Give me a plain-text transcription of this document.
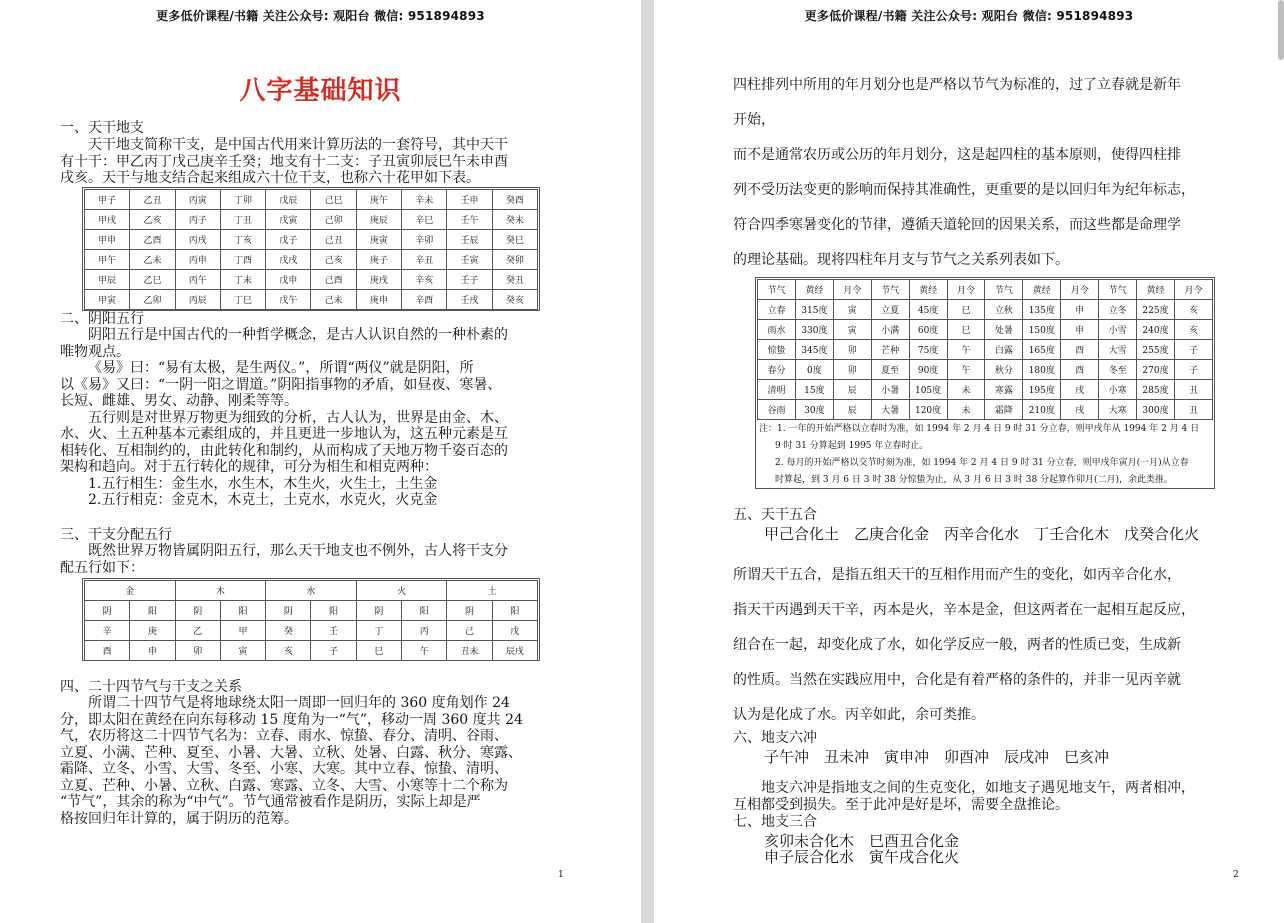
更多低价课程/书籍 关注公众号: 观阳台 微信: 951894893
八字基础知识
一、天干地支
天干地支简称干支，是中国古代用来计算历法的一套符号，其中天干
有十干：甲乙丙丁戊己庚辛壬癸；地支有十二支：子丑寅卯辰巳午未申酉
戌亥。天干与地支结合起来组成六十位干支，也称六十花甲如下表。
甲子	乙丑	丙寅	丁卯	戊辰	己巳	庚午	辛未	壬申	癸酉
甲戌	乙亥	丙子	丁丑	戊寅	己卯	庚辰	辛巳	壬午	癸未
甲申	乙酉	丙戌	丁亥	戊子	己丑	庚寅	辛卯	壬辰	癸巳
甲午	乙未	丙申	丁酉	戊戌	己亥	庚子	辛丑	壬寅	癸卯
甲辰	乙巳	丙午	丁未	戊申	己酉	庚戌	辛亥	壬子	癸丑
甲寅	乙卯	丙辰	丁巳	戊午	己未	庚申	辛酉	壬戌	癸亥
二、阴阳五行
阴阳五行是中国古代的一种哲学概念，是古人认识自然的一种朴素的
唯物观点。
《易》曰：“易有太极，是生两仪。”，所谓“两仪”就是阴阳，所
以《易》又曰：“一阴一阳之谓道。”阴阳指事物的矛盾，如昼夜、寒暑、
长短、雌雄、男女、动静、刚柔等等。
五行则是对世界万物更为细致的分析，古人认为，世界是由金、木、
水、火、土五种基本元素组成的，并且更进一步地认为，这五种元素是互
相转化、互相制约的，由此转化和制约，从而构成了天地万物千姿百态的
架构和趋向。对于五行转化的规律，可分为相生和相克两种：
1.五行相生：金生水，水生木，木生火，火生土，土生金
2.五行相克：金克木，木克土，土克水，水克火，火克金
三、干支分配五行
既然世界万物皆属阴阳五行，那么天干地支也不例外，古人将干支分
配五行如下：
金		木		水		火		土	
阴	阳	阴	阳	阴	阳	阴	阳	阴	阳
辛	庚	乙	甲	癸	壬	丁	丙	己	戊
酉	申	卯	寅	亥	子	巳	午	丑未	辰戌
四、二十四节气与干支之关系
所谓二十四节气是将地球绕太阳一周即一回归年的 360 度角划作 24
分，即太阳在黄经在向东每移动 15 度角为一“气”，移动一周 360 度共 24
气，农历将这二十四节气名为：立春、雨水、惊蛰、春分、清明、谷雨、
立夏、小满、芒种、夏至、小暑、大暑、立秋、处暑、白露、秋分、寒露、
霜降、立冬、小雪、大雪、冬至、小寒、大寒。其中立春、惊蛰、清明、
立夏、芒种、小暑、立秋、白露、寒露、立冬、大雪、小寒等十二个称为
“节气”，其余的称为“中气”。节气通常被看作是阴历，实际上却是严
格按回归年计算的，属于阴历的范筹。
1
更多低价课程/书籍 关注公众号: 观阳台 微信: 951894893
四柱排列中所用的年月划分也是严格以节气为标准的，过了立春就是新年
开始，
而不是通常农历或公历的年月划分，这是起四柱的基本原则，使得四柱排
列不受历法变更的影响而保持其准确性，更重要的是以回归年为纪年标志，
符合四季寒暑变化的节律，遵循天道轮回的因果关系，而这些都是命理学
的理论基础。现将四柱年月支与节气之关系列表如下。
节气	黄经	月令	节气	黄经	月令	节气	黄经	月令	节气	黄经	月令
立春	315度	寅	立夏	45度	巳	立秋	135度	申	立冬	225度	亥
雨水	330度	寅	小满	60度	巳	处暑	150度	申	小雪	240度	亥
惊蛰	345度	卯	芒种	75度	午	白露	165度	酉	大雪	255度	子
春分	0度	卯	夏至	90度	午	秋分	180度	酉	冬至	270度	子
清明	15度	辰	小暑	105度	未	寒露	195度	戌	小寒	285度	丑
谷雨	30度	辰	大暑	120度	未	霜降	210度	戌	大寒	300度	丑
注：1. 一年的开始严格以立春时为准，如 1994 年 2 月 4 日 9 时 31 分立春，则甲戌年从 1994 年 2 月 4 日
9 时 31 分算起到 1995 年立春时止。
2. 每月的开始严格以交节时刻为准，如 1994 年 2 月 4 日 9 时 31 分立春，则甲戌年寅月(一月)从立春
时算起，到 3 月 6 日 3 时 38 分惊蛰为止，从 3 月 6 日 3 时 38 分起算作卯月(二月)，余此类推。
五、天干五合
甲己合化土　乙庚合化金　丙辛合化水　丁壬合化木　戊癸合化火
所谓天干五合，是指五组天干的互相作用而产生的变化，如丙辛合化水，
指天干丙遇到天干辛，丙本是火，辛本是金，但这两者在一起相互起反应，
纽合在一起，却变化成了水，如化学反应一般，两者的性质已变，生成新
的性质。当然在实践应用中，合化是有着严格的条件的，并非一见丙辛就
认为是化成了水。丙辛如此，余可类推。
六、地支六冲
子午冲　丑未冲　寅申冲　卯酉冲　辰戌冲　巳亥冲
地支六冲是指地支之间的生克变化，如地支子遇见地支午，两者相冲，
互相都受到损失。至于此冲是好是坏，需要全盘推论。
七、地支三合
亥卯未合化木　巳酉丑合化金
申子辰合化水　寅午戌合化火
2
